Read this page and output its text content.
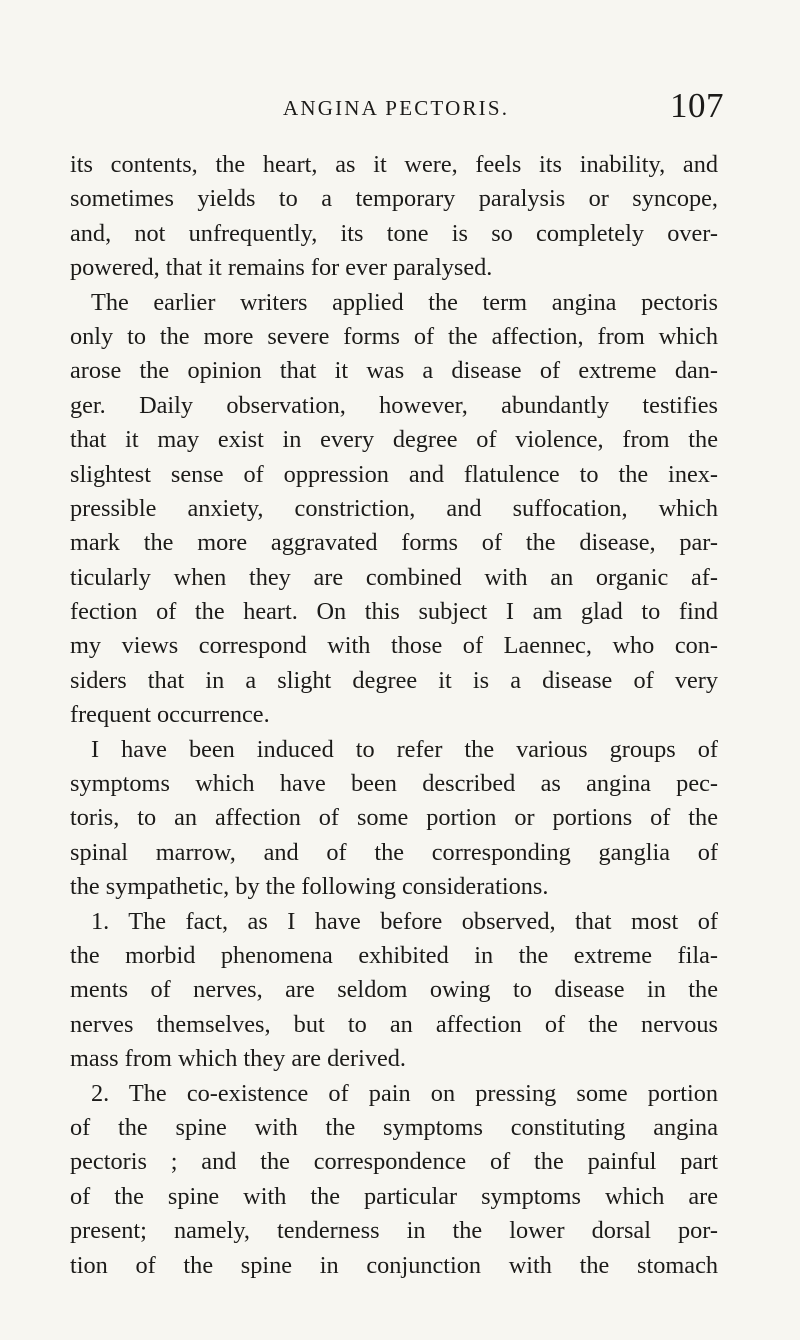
ANGINA PECTORIS.	107
its contents, the heart, as it were, feels its inability, and
sometimes yields to a temporary paralysis or syncope,
and, not unfrequently, its tone is so completely over-
powered, that it remains for ever paralysed.
The earlier writers applied the term angina pectoris
only to the more severe forms of the affection, from which
arose the opinion that it was a disease of extreme dan-
ger. Daily observation, however, abundantly testifies
that it may exist in every degree of violence, from the
slightest sense of oppression and flatulence to the inex-
pressible anxiety, constriction, and suffocation, which
mark the more aggravated forms of the disease, par-
ticularly when they are combined with an organic af-
fection of the heart. On this subject I am glad to find
my views correspond with those of Laennec, who con-
siders that in a slight degree it is a disease of very
frequent occurrence.
I have been induced to refer the various groups of
symptoms which have been described as angina pec-
toris, to an affection of some portion or portions of the
spinal marrow, and of the corresponding ganglia of
the sympathetic, by the following considerations.
1. The fact, as I have before observed, that most of
the morbid phenomena exhibited in the extreme fila-
ments of nerves, are seldom owing to disease in the
nerves themselves, but to an affection of the nervous
mass from which they are derived.
2. The co-existence of pain on pressing some portion
of the spine with the symptoms constituting angina
pectoris ; and the correspondence of the painful part
of the spine with the particular symptoms which are
present; namely, tenderness in the lower dorsal por-
tion of the spine in conjunction with the stomach
